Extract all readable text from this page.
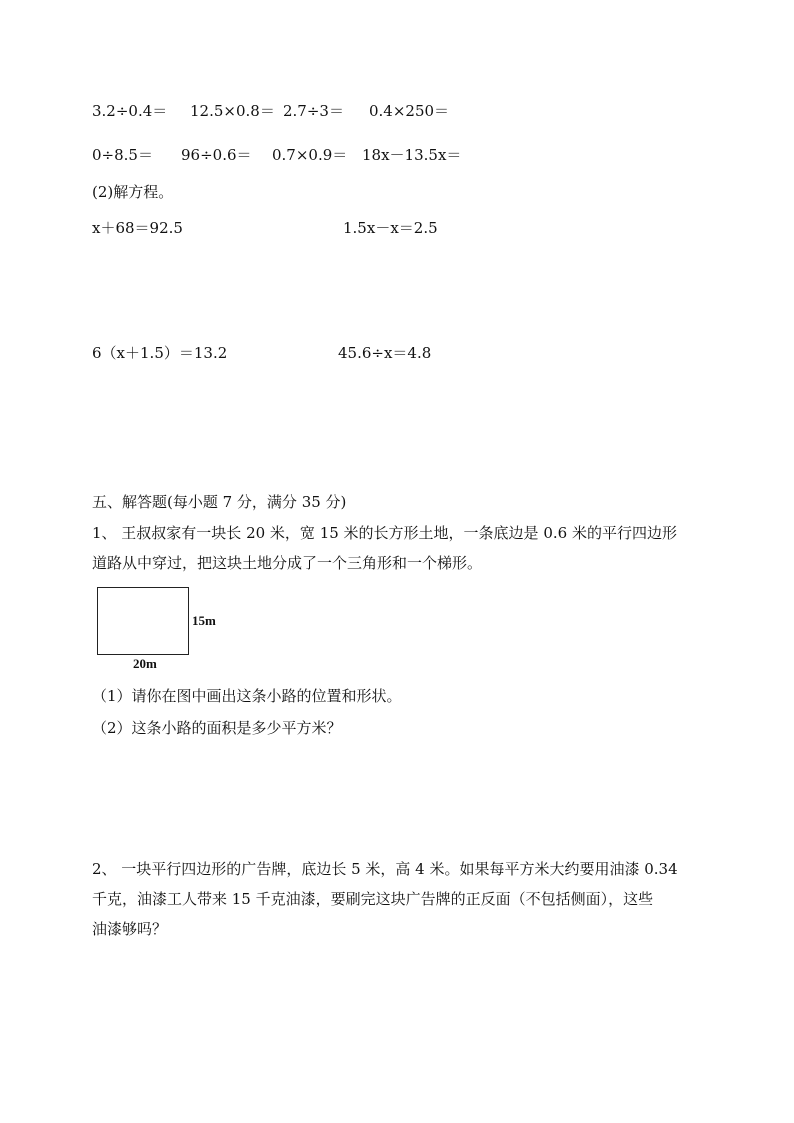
3.2÷0.4＝ 12.5×0.8＝ 2.7÷3＝ 0.4×250＝
0÷8.5＝ 96÷0.6＝ 0.7×0.9＝ 18x－13.5x＝
(2)解方程。
x＋68＝92.5	1.5x－x＝2.5
6（x＋1.5）＝13.2	45.6÷x＝4.8
五、解答题(每小题 7 分，满分 35 分)
1、 王叔叔家有一块长 20 米，宽 15 米的长方形土地，一条底边是 0.6 米的平行四边形
道路从中穿过，把这块土地分成了一个三角形和一个梯形。
15m
20m
（1）请你在图中画出这条小路的位置和形状。
（2）这条小路的面积是多少平方米？
2、 一块平行四边形的广告牌，底边长 5 米，高 4 米。如果每平方米大约要用油漆 0.34
千克，油漆工人带来 15 千克油漆，要刷完这块广告牌的正反面（不包括侧面），这些
油漆够吗？
